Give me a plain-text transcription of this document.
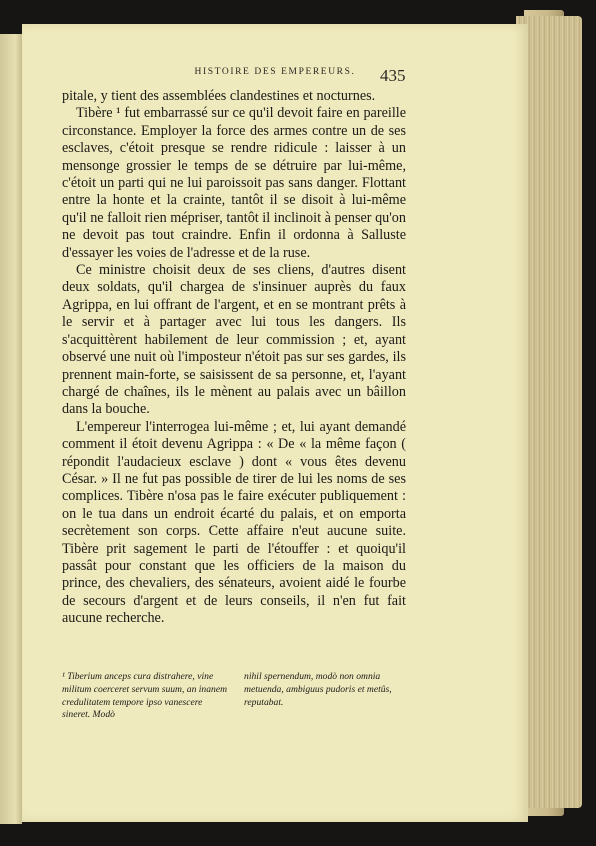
HISTOIRE DES EMPEREURS.	435

pitale, y tient des assemblées clandestines et nocturnes.

Tibère ¹ fut embarrassé sur ce qu'il devoit faire en pareille circonstance. Employer la force des armes contre un de ses esclaves, c'étoit presque se rendre ridicule : laisser à un mensonge grossier le temps de se détruire par lui-même, c'étoit un parti qui ne lui paroissoit pas sans danger. Flottant entre la honte et la crainte, tantôt il se disoit à lui-même qu'il ne falloit rien mépriser, tantôt il inclinoit à penser qu'on ne devoit pas tout craindre. Enfin il ordonna à Salluste d'essayer les voies de l'adresse et de la ruse.

Ce ministre choisit deux de ses cliens, d'autres disent deux soldats, qu'il chargea de s'insinuer auprès du faux Agrippa, en lui offrant de l'argent, et en se montrant prêts à le servir et à partager avec lui tous les dangers. Ils s'acquittèrent habilement de leur commission ; et, ayant observé une nuit où l'imposteur n'étoit pas sur ses gardes, ils prennent main-forte, se saisissent de sa personne, et, l'ayant chargé de chaînes, ils le mènent au palais avec un bâillon dans la bouche.

L'empereur l'interrogea lui-même ; et, lui ayant demandé comment il étoit devenu Agrippa : « De « la même façon ( répondit l'audacieux esclave ) dont « vous êtes devenu César. » Il ne fut pas possible de tirer de lui les noms de ses complices. Tibère n'osa pas le faire exécuter publiquement : on le tua dans un endroit écarté du palais, et on emporta secrètement son corps. Cette affaire n'eut aucune suite. Tibère prit sagement le parti de l'étouffer : et quoiqu'il passât pour constant que les officiers de la maison du prince, des chevaliers, des sénateurs, avoient aidé le fourbe de secours d'argent et de leurs conseils, il n'en fut fait aucune recherche.

¹ Tiberium anceps cura distrahere, vine militum coerceret servum suum, an inanem credulitatem tempore ipso vanescere sineret. Modò
nihil spernendum, modò non omnia metuenda, ambiguus pudoris et metûs, reputabat.
